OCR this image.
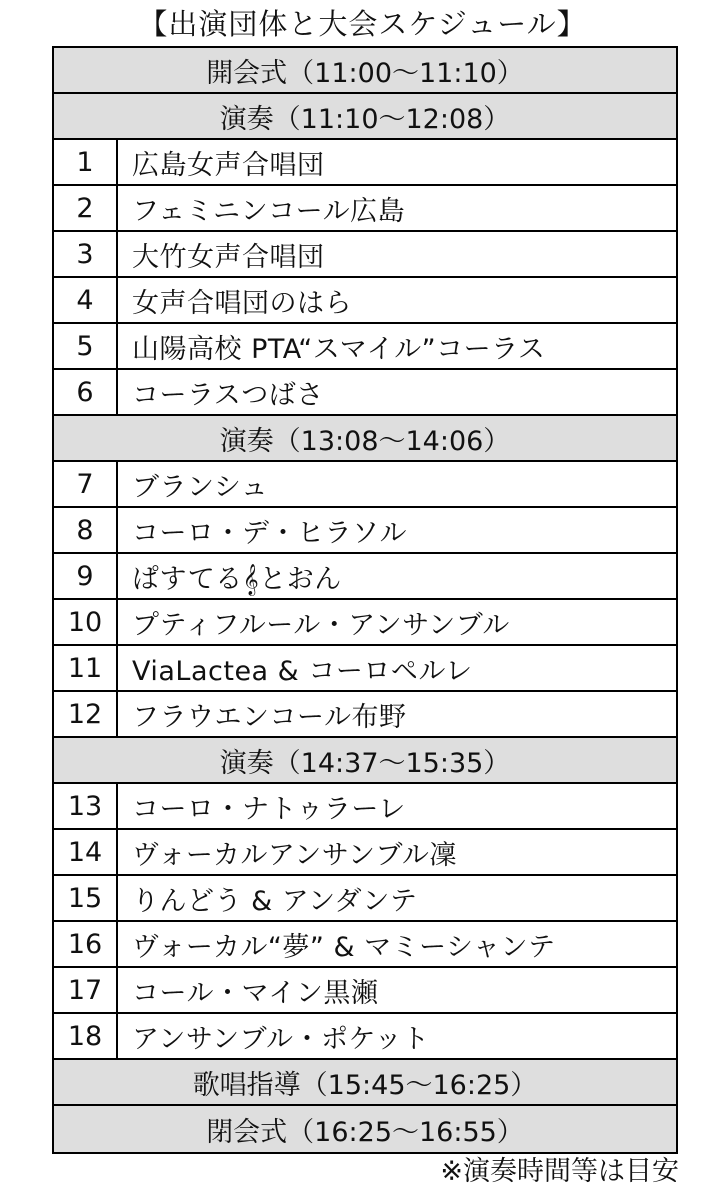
【出演団体と大会スケジュール】
開会式（11:00〜11:10）
演奏（11:10〜12:08）
1	広島女声合唱団
2	フェミニンコール広島
3	大竹女声合唱団
4	女声合唱団のはら
5	山陽高校 PTA“スマイル”コーラス
6	コーラスつばさ
演奏（13:08〜14:06）
7	ブランシュ
8	コーロ・デ・ヒラソル
9	ぱすてる𝄞とおん
10	プティフルール・アンサンブル
11	ViaLactea & コーロペルレ
12	フラウエンコール布野
演奏（14:37〜15:35）
13	コーロ・ナトゥラーレ
14	ヴォーカルアンサンブル凜
15	りんどう & アンダンテ
16	ヴォーカル“夢” & マミーシャンテ
17	コール・マイン黒瀬
18	アンサンブル・ポケット
歌唱指導（15:45〜16:25）
閉会式（16:25〜16:55）
※演奏時間等は目安
